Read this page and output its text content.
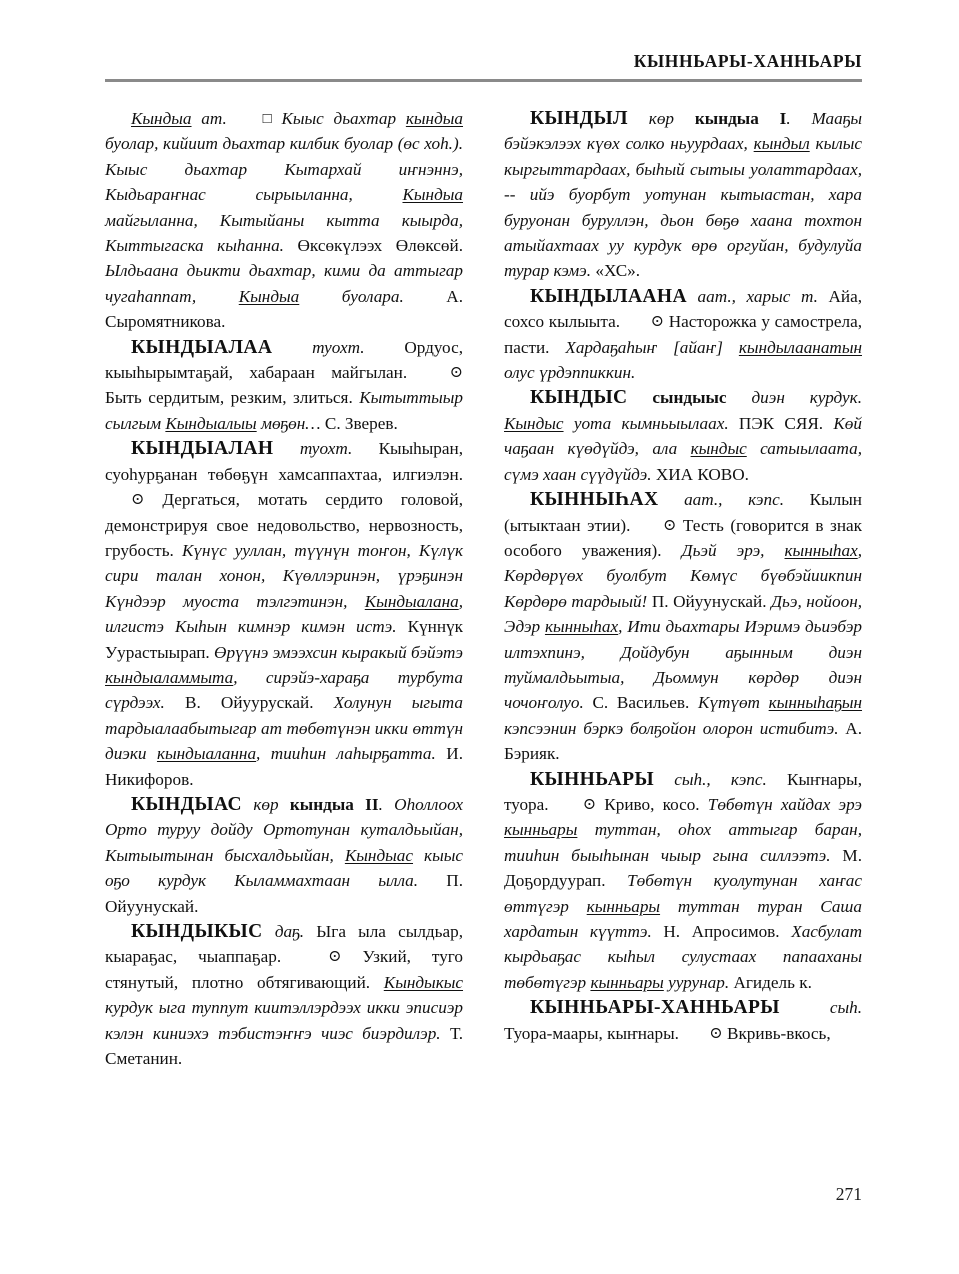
КЫННЬАРЫ-ХАННЬАРЫ

Кындыа ат. □ Кыыс дьахтар кындыа буолар, кийиит дьахтар килбик буолар (өс хоһ.). Кыыс дьахтар Кытархай иҥнэннэ, Кыдьараҥнас сырыыланна, Кындыа майгыланна, Кытыйаны кытта кыырда, Кыттыгаска кыһанна. Өксөкүлээх Өлөксөй. Ылдьаана дьикти дьахтар, кими да аттыгар чугаһаппат, Кындыа буолара. А. Сыромятникова.

КЫНДЫАЛАА туохт. Ордуос, кыыһырымтаҕай, хабараан майгылан.	⊙ Быть сердитым, резким, злиться. Кытыттыыр сылгым Кындыалыы мөҕөн… С. Зверев.

КЫНДЫАЛАН туохт. Кыыһыран, суоһурҕанан төбөҕүн хамсаппахтаа, илгиэлэн. ⊙ Дергаться, мотать сердито головой, демонстрируя свое недовольство, нервозность, грубость. Күнүс ууллан, түүнүн тоҥон, Күлүк сири талан хонон, Күөллэринэн, үрэҕинэн Күндээр муоста тэлгэтинэн, Кындыалана, илгистэ Кыһын кимнэр кимэн истэ. Күннүк Уурастыырап. Өрүүнэ эмээхсин кыракый бэйэтэ кындыаламмыта, сирэйэ-хараҕа турбута сүрдээх. В. Ойуурускай. Холунун ыгыта тардыалаабытыгар ат төбөтүнэн икки өттүн диэки кындыаланна, тииһин лаһырҕатта. И. Никифоров.

КЫНДЫАС көр кындыа II. Оһоллоох Орто туруу дойду Ортотунан куталдьыйан, Кытыытынан бысхалдьыйан, Кындыас кыыс оҕо курдук Кыламмахтаан ылла. П. Ойуунускай.

КЫНДЫКЫС даҕ. Ыга ыла сылдьар, кыараҕас, чыаппаҕар.	⊙ Узкий, туго стянутый, плотно обтягивающий. Кындыкыс курдук ыга туппут киитэллэрдээх икки эписиэр кэлэн киниэхэ тэбистэҥҥэ чиэс биэрдилэр. Т. Сметанин.

КЫНДЫЛ көр кындыа I. Мааҕы бэйэкэлээх күөх солко ньуурдаах, кындыл кылыс кыргыттардаах, быһый сытыы уолаттардаах, -- ийэ буорбут уотунан кытыастан, хара буруонан буруллэн, дьон бөҕө хаана тохтон атыйахтаах уу курдук өрө оргуйан, будулуйа турар кэмэ. «ХС».

КЫНДЫЛААНА аат., харыс т. Айа, сохсо кылыыта. ⊙ Насторожка у самострела, пасти. Хардаҕаһыҥ [айаҥ] кындылаанатын олус үрдэппиккин.

КЫНДЫС сындыыс диэн курдук. Кындыс уота кымньыылаах. ПЭК СЯЯ. Көй чаҕаан күөдүйдэ, ала кындыс сатыылаата, сүмэ хаан сүүдүйдэ. ХИА КОВО.

КЫННЫҺАХ аат., кэпс. Кылын (ытыктаан этии). ⊙ Тесть (говорится в знак особого уважения). Дьэй эрэ, кынныһах, Көрдөрүөх буолбут Көмүс бүөбэйиикпин Көрдөрө тардыый! П. Ойуунускай. Дьэ, нойоон, Эдэр кынныһах, Ити дьахтары Иэримэ дьиэбэр илтэхпинэ, Дойдубун аҕынным диэн туймалдьытыа, Дьоммун көрдөр диэн чочоҥолуо. С. Васильев. Күтүөт кынныһаҕын кэпсээнин бэркэ болҕойон олорон истибитэ. А. Бэрияк.

КЫННЬАРЫ сыһ., кэпс. Кыҥнары, туора. ⊙ Криво, косо. Төбөтүн хайдах эрэ кынньары туттан, оһох аттыгар баран, тииһин быыһынан чыыр гына силлээтэ. М. Доҕордуурап. Төбөтүн куолутунан хаҥас өттүгэр кынньары туттан туран Саша хардатын күүттэ. Н. Апросимов. Хасбулат кырдьаҕас кыһыл сулустаах папааханы төбөтүгэр кынньары уурунар. Агидель к.

КЫННЬАРЫ-ХАННЬАРЫ	сыһ. Туора-маары, кыҥнары. ⊙ Вкривь-вкось,

271
